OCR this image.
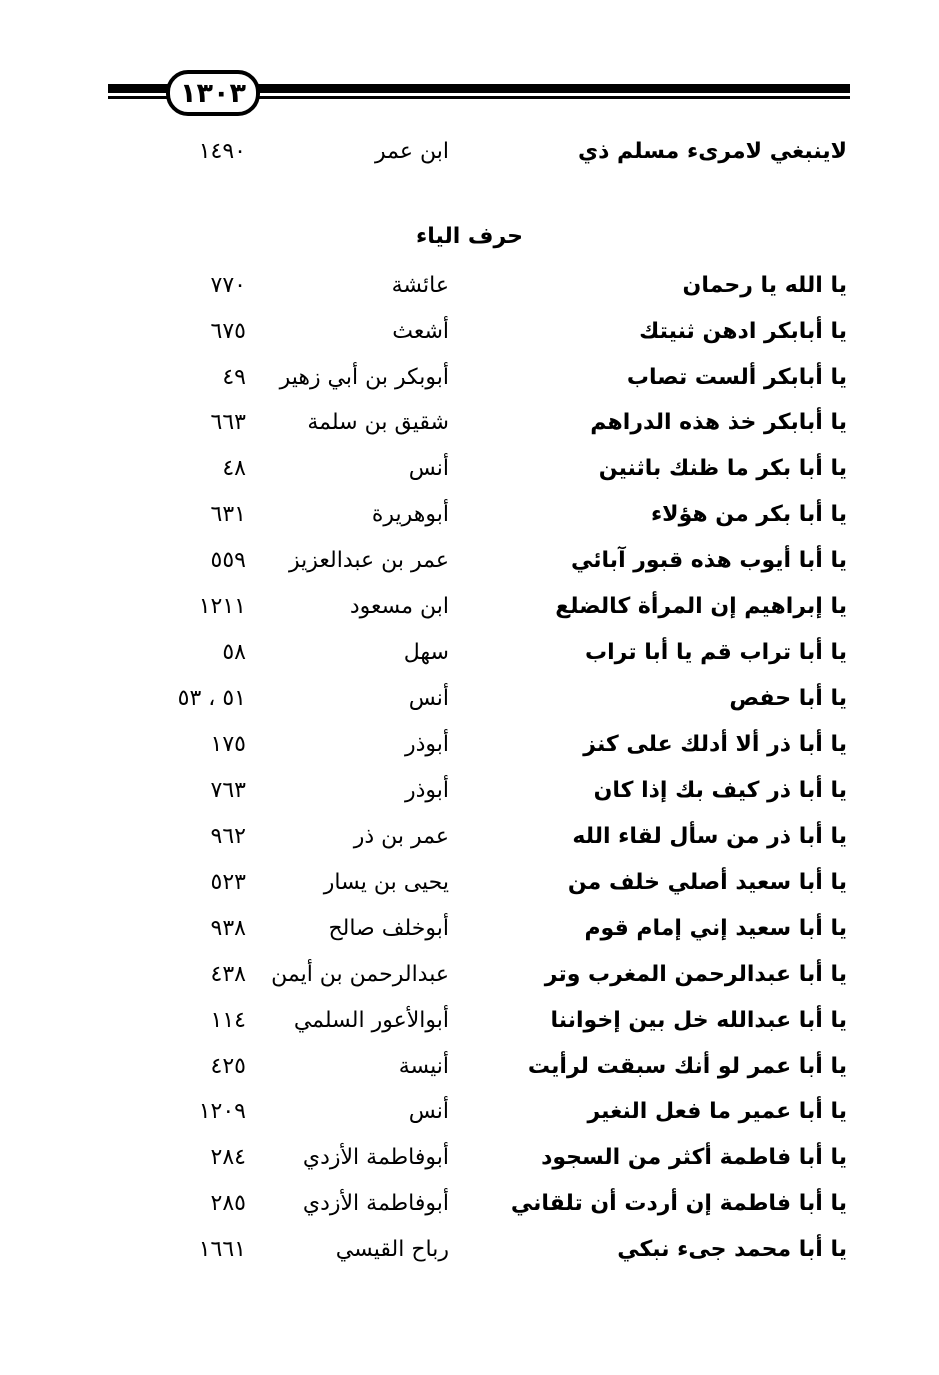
١٣٠٣
لاينبغي لامرىء مسلم ذي
ابن عمر
١٤٩٠
حرف الياء
يا الله يا رحمان
عائشة
٧٧٠
يا أبابكر ادهن ثنيتك
أشعث
٦٧٥
يا أبابكر ألست تصاب
أبوبكر بن أبي زهير
٤٩
يا أبابكر خذ هذه الدراهم
شقيق بن سلمة
٦٦٣
يا أبا بكر ما ظنك باثنين
أنس
٤٨
يا أبا بكر من هؤلاء
أبوهريرة
٦٣١
يا أبا أيوب هذه قبور آبائي
عمر بن عبدالعزيز
٥٥٩
يا إبراهيم إن المرأة كالضلع
ابن مسعود
١٢١١
يا أبا تراب قم يا أبا تراب
سهل
٥٨
يا أبا حفص
أنس
٥١ ، ٥٣
يا أبا ذر ألا أدلك على كنز
أبوذر
١٧٥
يا أبا ذر كيف بك إذا كان
أبوذر
٧٦٣
يا أبا ذر من سأل لقاء الله
عمر بن ذر
٩٦٢
يا أبا سعيد أصلي خلف من
يحيى بن يسار
٥٢٣
يا أبا سعيد إني إمام قوم
أبوخلف صالح
٩٣٨
يا أبا عبدالرحمن المغرب وتر
عبدالرحمن بن أيمن
٤٣٨
يا أبا عبدالله خل بين إخواننا
أبوالأعور السلمي
١١٤
يا أبا عمر لو أنك سبقت لرأيت
أنيسة
٤٢٥
يا أبا عمير ما فعل النغير
أنس
١٢٠٩
يا أبا فاطمة أكثر من السجود
أبوفاطمة الأزدي
٢٨٤
يا أبا فاطمة إن أردت أن تلقاني
أبوفاطمة الأزدي
٢٨٥
يا أبا محمد جىء نبكي
رباح القيسي
١٦٦١
